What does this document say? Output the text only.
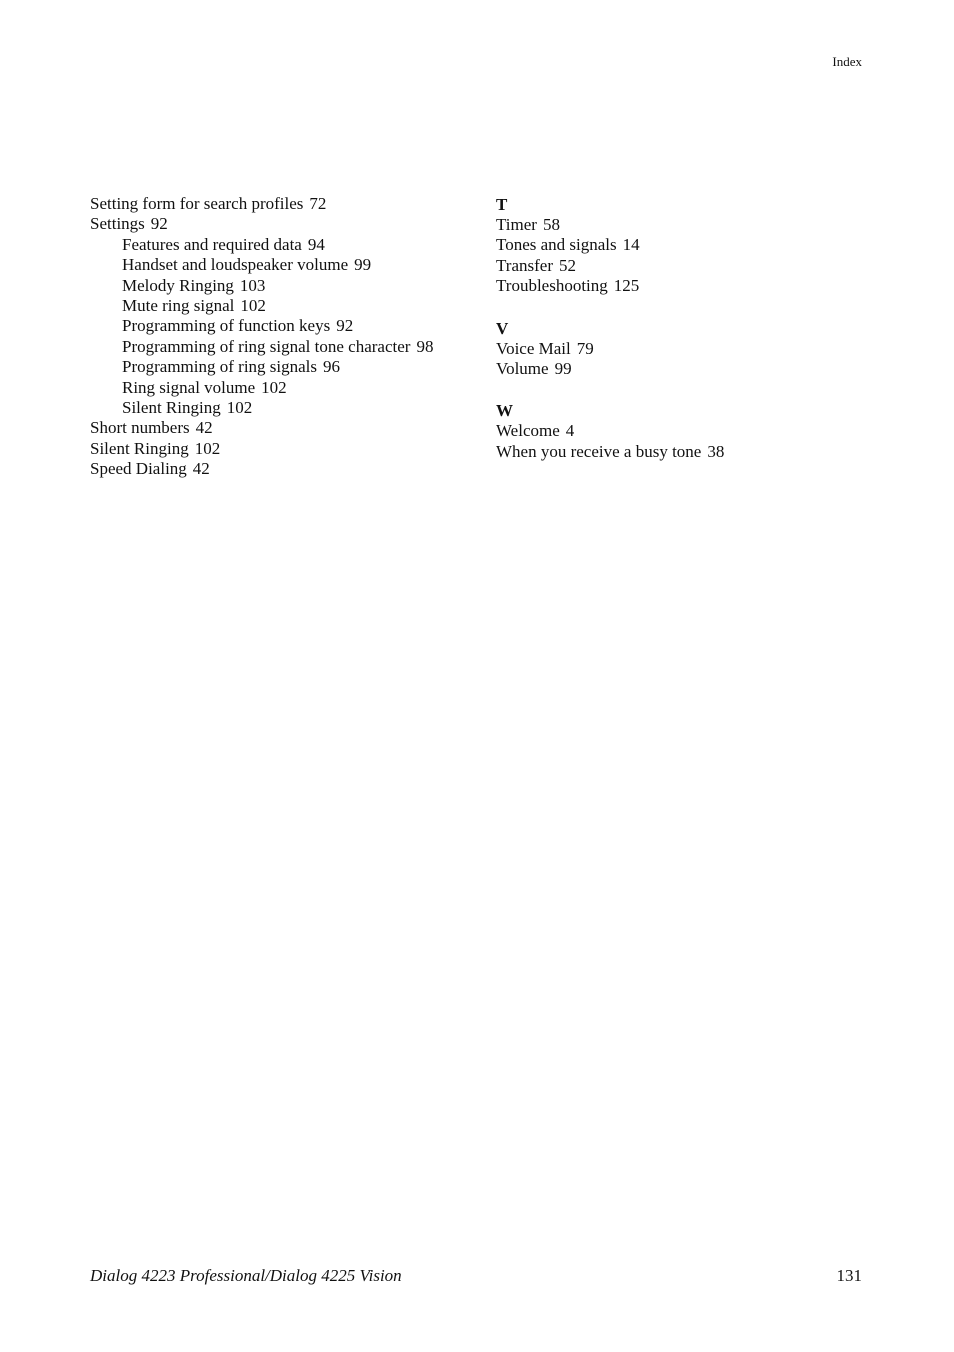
Index
Setting form for search profiles 72
Settings 92
Features and required data 94
Handset and loudspeaker volume 99
Melody Ringing 103
Mute ring signal 102
Programming of function keys 92
Programming of ring signal tone character 98
Programming of ring signals 96
Ring signal volume 102
Silent Ringing 102
Short numbers 42
Silent Ringing 102
Speed Dialing 42
T
Timer 58
Tones and signals 14
Transfer 52
Troubleshooting 125
V
Voice Mail 79
Volume 99
W
Welcome 4
When you receive a busy tone 38
Dialog 4223 Professional/Dialog 4225 Vision	131
